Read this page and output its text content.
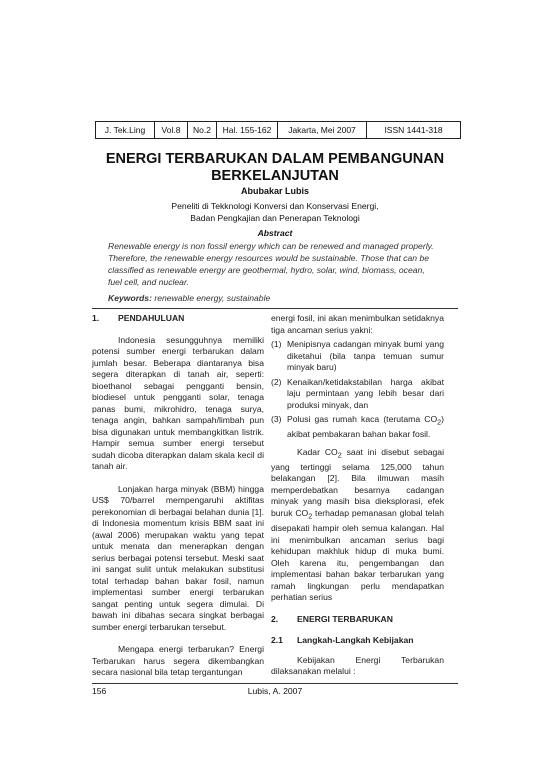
J. Tek.Ling	Vol.8	No.2	Hal. 155-162	Jakarta, Mei 2007	ISSN 1441-318
ENERGI TERBARUKAN DALAM PEMBANGUNAN
BERKELANJUTAN
Abubakar Lubis
Peneliti di Tekknologi Konversi dan Konservasi Energi,
Badan Pengkajian dan Penerapan Teknologi
Abstract
Renewable energy is non fossil energy which can be renewed and managed properly.
Therefore, the renewable energy resources would be sustainable. Those that can be
classified as renewable energy are geothermal, hydro, solar, wind, biomass, ocean,
fuel cell, and nuclear.
Keywords: renewable energy, sustainable
1.	PENDAHULUAN

Indonesia sesungguhnya memiliki potensi sumber energi terbarukan dalam jumlah besar. Beberapa diantaranya bisa segera diterapkan di tanah air, seperti: bioethanol sebagai pengganti bensin, biodiesel untuk pengganti solar, tenaga panas bumi, mikrohidro, tenaga surya, tenaga angin, bahkan sampah/limbah pun bisa digunakan untuk membangkitkan listrik. Hampir semua sumber energi tersebut sudah dicoba diterapkan dalam skala kecil di tanah air.

Lonjakan harga minyak (BBM) hingga US$ 70/barrel mempengaruhi aktifitas perekonomian di berbagai belahan dunia [1]. di Indonesia momentum krisis BBM saat ini (awal 2006) merupakan waktu yang tepat untuk menata dan menerapkan dengan serius berbagai potensi tersebut. Meski saat ini sangat sulit untuk melakukan substitusi total terhadap bahan bakar fosil, namun implementasi sumber energi terbarukan sangat penting untuk segera dimulai. Di bawah ini dibahas secara singkat berbagai sumber energi terbarukan tersebut.

Mengapa energi terbarukan? Energi Terbarukan harus segera dikembangkan secara nasional bila tetap tergantungan

energi fosil, ini akan menimbulkan setidaknya tiga ancaman serius yakni:

(1) Menipisnya cadangan minyak bumi yang diketahui (bila tanpa temuan sumur minyak baru)
(2) Kenaikan/ketidakstabilan harga akibat laju permintaan yang lebih besar dari produksi minyak, dan
(3) Polusi gas rumah kaca (terutama $CO_2$) akibat pembakaran bahan bakar fosil.

Kadar $CO_2$ saat ini disebut sebagai yang tertinggi selama 125,000 tahun belakangan [2]. Bila ilmuwan masih memperdebatkan besarnya cadangan minyak yang masih bisa dieksplorasi, efek buruk $CO_2$ terhadap pemanasan global telah disepakati hampir oleh semua kalangan. Hal ini menimbulkan ancaman serius bagi kehidupan makhluk hidup di muka bumi. Oleh karena itu, pengembangan dan implementasi bahan bakar terbarukan yang ramah lingkungan perlu mendapatkan perhatian serius

2.	ENERGI TERBARUKAN
2.1	Langkah-Langkah Kebijakan

Kebijakan Energi Terbarukan dilaksanakan melalui :

156	Lubis, A. 2007
